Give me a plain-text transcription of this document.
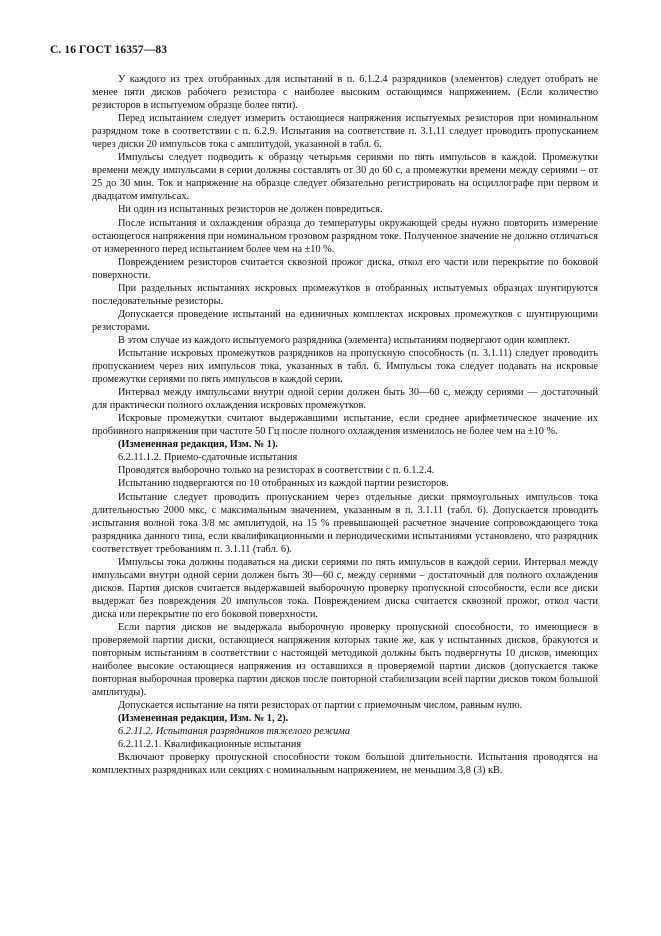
С. 16 ГОСТ 16357—83

У каждого из трех отобранных для испытаний в п. 6.1.2.4 разрядников (элементов) следует отобрать не менее пяти дисков рабочего резистора с наиболее высоким остающимся напряжением. (Если количество резисторов в испытуемом образце более пяти).

Перед испытанием следует измерить остающиеся напряжения испытуемых резисторов при номинальном разрядном токе в соответствии с п. 6.2.9. Испытания на соответствие п. 3.1.11 следует проводить пропусканием через диски 20 импульсов тока с амплитудой, указанной в табл. 6.

Импульсы следует подводить к образцу четырьмя сериями по пять импульсов в каждой. Промежутки времени между импульсами в серии должны составлять от 30 до 60 с, а промежутки времени между сериями – от 25 до 30 мин. Ток и напряжение на образце следует обязательно регистрировать на осциллографе при первом и двадцатом импульсах.

Ни один из испытанных резисторов не должен повредиться.

После испытания и охлаждения образца до температуры окружающей среды нужно повторить измерение остающегося напряжения при номинальном грозовом разрядном токе. Полученное значение не должно отличаться от измеренного перед испытанием более чем на ±10 %.

Повреждением резисторов считается сквозной прожог диска, откол его части или перекрытие по боковой поверхности.

При раздельных испытаниях искровых промежутков в отобранных испытуемых образцах шунтируются последовательные резисторы.

Допускается проведение испытаний на единичных комплектах искровых промежутков с шунтирующими резисторами.

В этом случае из каждого испытуемого разрядника (элемента) испытаниям подвергают один комплект.

Испытание искровых промежутков разрядников на пропускную способность (п. 3.1.11) следует проводить пропусканием через них импульсов тока, указанных в табл. 6. Импульсы тока следует подавать на искровые промежутки сериями по пять импульсов в каждой серии.

Интервал между импульсами внутри одной серии должен быть 30—60 с, между сериями — достаточный для практически полного охлаждения искровых промежутков.

Искровые промежутки считают выдержавшими испытание, если среднее арифметическое значение их пробивного напряжения при частоте 50 Гц после полного охлаждения изменилось не более чем на ±10 %.

(Измененная редакция, Изм. № 1).

6.2.11.1.2. Приемо-сдаточные испытания

Проводятся выборочно только на резисторах в соответствии с п. 6.1.2.4.

Испытанию подвергаются по 10 отобранных из каждой партии резисторов.

Испытание следует проводить пропусканием через отдельные диски прямоугольных импульсов тока длительностью 2000 мкс, с максимальным значением, указанным в п. 3.1.11 (табл. 6). Допускается проводить испытания волной тока 3/8 мс амплитудой, на 15 % превышающей расчетное значение сопровождающего тока разрядника данного типа, если квалификационными и периодическими испытаниями установлено, что разрядник соответствует требованиям п. 3.1.11 (табл. 6).

Импульсы тока должны подаваться на диски сериями по пять импульсов в каждой серии. Интервал между импульсами внутри одной серии должен быть 30—60 с, между сериями – достаточный для полного охлаждения дисков. Партия дисков считается выдержавшей выборочную проверку пропускной способности, если все диски выдержат без повреждения 20 импульсов тока. Повреждением диска считается сквозной прожог, откол части диска или перекрытие по его боковой поверхности.

Если партия дисков не выдержала выборочную проверку пропускной способности, то имеющиеся в проверяемой партии диски, остающиеся напряжения которых такие же, как у испытанных дисков, бракуются и повторным испытаниям в соответствии с настоящей методикой должны быть подвергнуты 10 дисков, имеющих наиболее высокие остающиеся напряжения из оставшихся в проверяемой партии дисков (допускается также повторная выборочная проверка партии дисков после повторной стабилизации всей партии дисков током большой амплитуды).

Допускается испытание на пяти резисторах от партии с приемочным числом, равным нулю.

(Измененная редакция, Изм. № 1, 2).

6.2.11.2. Испытания разрядников тяжелого режима

6.2.11.2.1. Квалификационные испытания

Включают проверку пропускной способности током большой длительности. Испытания проводятся на комплектных разрядниках или секциях с номинальным напряжением, не меньшим 3,8 (3) кВ.
